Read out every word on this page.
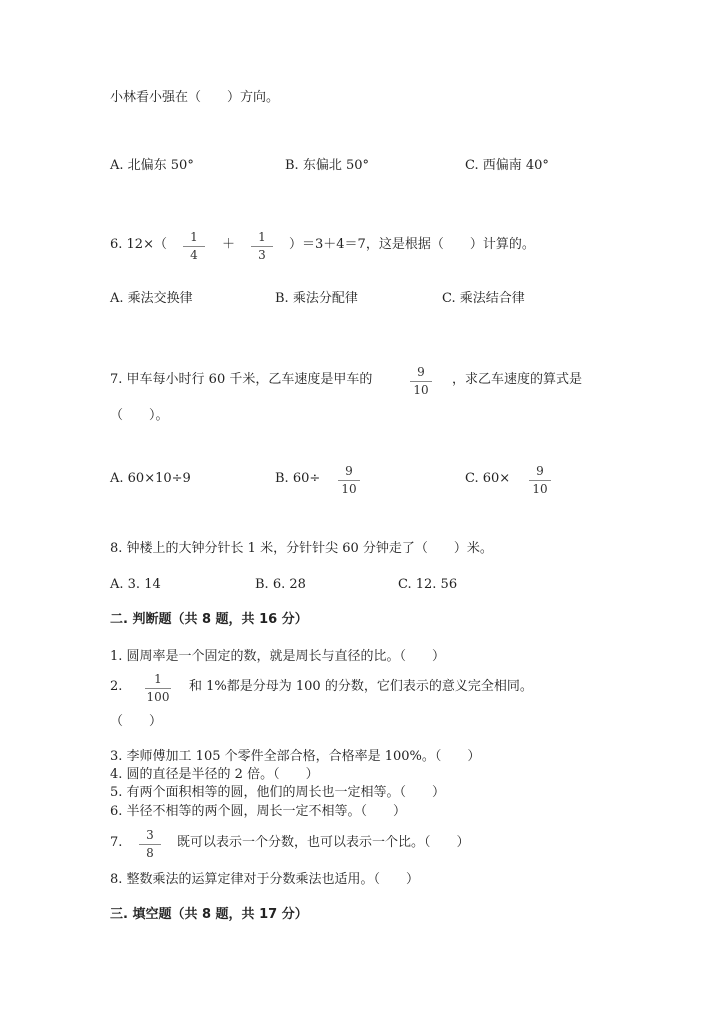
小林看小强在（　　）方向。
A. 北偏东 50°	B. 东偏北 50°	C. 西偏南 40°
6. 12×（	1
4
＋	1
3
）＝3＋4＝7，这是根据（　　）计算的。
A. 乘法交换律	B. 乘法分配律	C. 乘法结合律
7. 甲车每小时行 60 千米，乙车速度是甲车的	9
10
，求乙车速度的算式是
（　　）。
A. 60×10÷9	B. 60÷	9
10
C. 60×	9
10
8. 钟楼上的大钟分针长 1 米，分针针尖 60 分钟走了（　　）米。
A. 3. 14	B. 6. 28	C. 12. 56
二. 判断题（共 8 题，共 16 分）
1. 圆周率是一个固定的数，就是周长与直径的比。（　　）
2.	1
100
和 1%都是分母为 100 的分数，它们表示的意义完全相同。
（　　）
3. 李师傅加工 105 个零件全部合格，合格率是 100%。（　　）
4. 圆的直径是半径的 2 倍。（　　）
5. 有两个面积相等的圆，他们的周长也一定相等。（　　）
6. 半径不相等的两个圆，周长一定不相等。（　　）
7.	3
8
既可以表示一个分数，也可以表示一个比。（　　）
8. 整数乘法的运算定律对于分数乘法也适用。（　　）
三. 填空题（共 8 题，共 17 分）
